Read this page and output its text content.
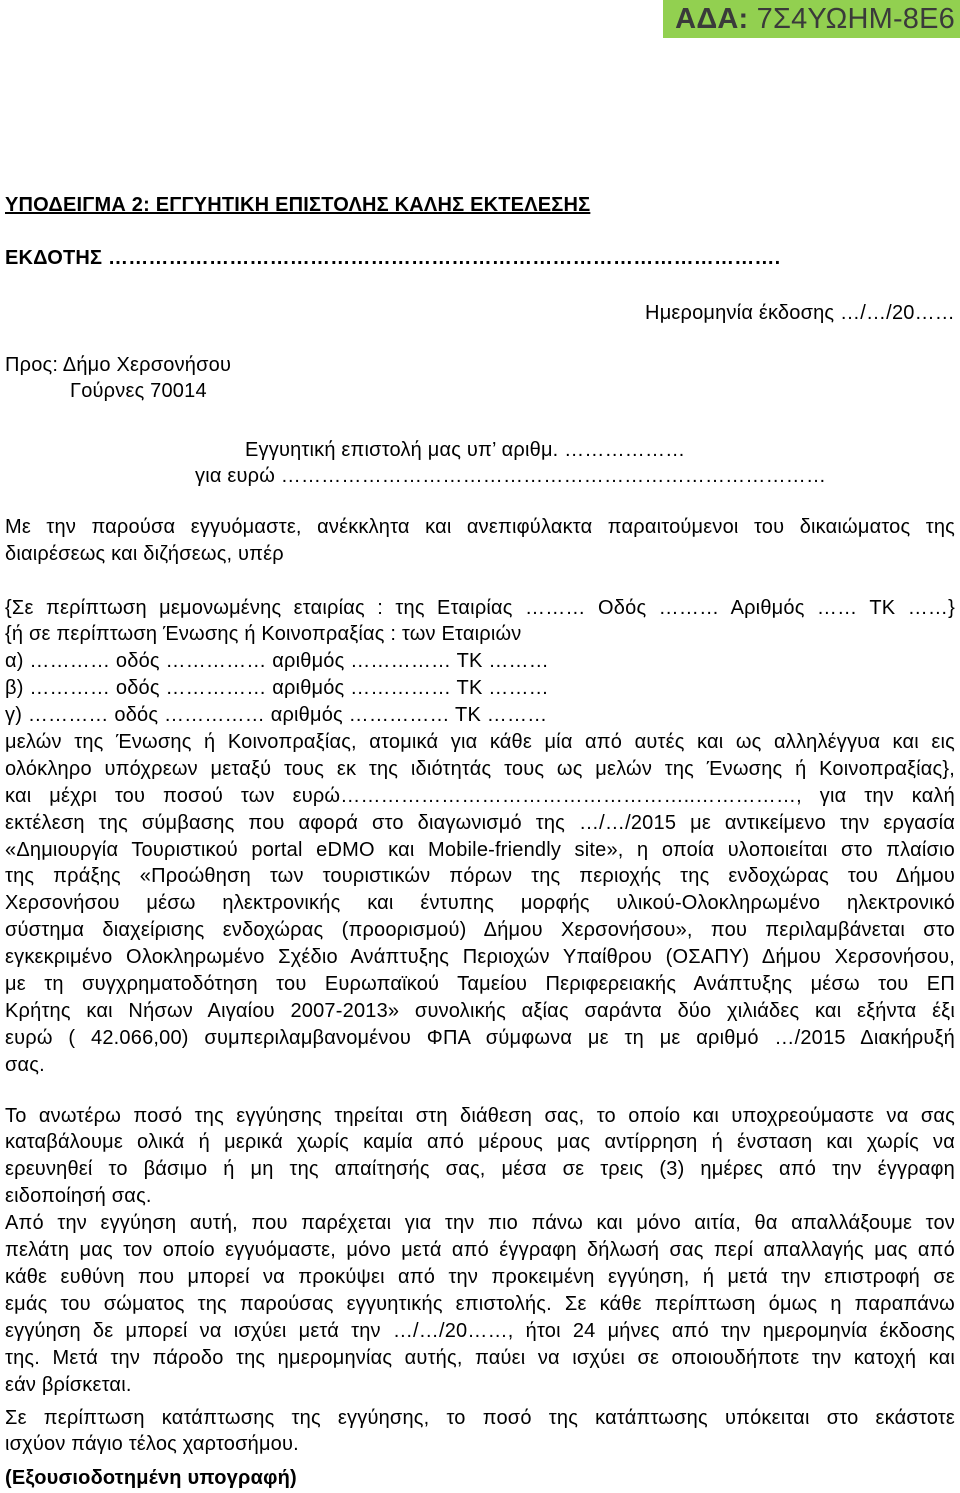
ΑΔΑ: 7Σ4ΥΩΗΜ-8Ε6
ΥΠΟΔΕΙΓΜΑ 2: ΕΓΓΥΗΤΙΚΗ ΕΠΙΣΤΟΛΗΣ ΚΑΛΗΣ ΕΚΤΕΛΕΣΗΣ
ΕΚΔΟΤΗΣ ……………………………………………………………………………………….
Ημερομηνία έκδοσης …/…/20……
Προς: Δήμο Χερσονήσου
Γούρνες 70014
Εγγυητική επιστολή μας υπ’ αριθμ. ………………
για ευρώ ………………………………………………………………………
Με την παρούσα εγγυόμαστε, ανέκκλητα και ανεπιφύλακτα παραιτούμενοι του δικαιώματος της
διαιρέσεως και διζήσεως, υπέρ
{Σε περίπτωση μεμονωμένης εταιρίας : της Εταιρίας ……… Οδός ……… Αριθμός …… ΤΚ ……}
{ή σε περίπτωση Ένωσης ή Κοινοπραξίας : των Εταιριών
α) ………… οδός …………… αριθμός …………… ΤΚ ………
β) ………… οδός …………… αριθμός …………… ΤΚ ………
γ) ………… οδός …………… αριθμός …………… ΤΚ ………
μελών της Ένωσης ή Κοινοπραξίας, ατομικά για κάθε μία από αυτές και ως αλληλέγγυα και εις
ολόκληρο υπόχρεων μεταξύ τους εκ της ιδιότητάς τους ως μελών της Ένωσης ή Κοινοπραξίας},
και μέχρι του ποσού των ευρώ……………………………………………..……………, για την καλή
εκτέλεση της σύμβασης που αφορά στο διαγωνισμό της …/…/2015 με αντικείμενο την εργασία
«Δημιουργία Τουριστικού portal eDMO και Mobile-friendly site», η οποία υλοποιείται στο πλαίσιο
της πράξης «Προώθηση των τουριστικών πόρων της περιοχής της ενδοχώρας του Δήμου
Χερσονήσου μέσω ηλεκτρονικής και έντυπης μορφής υλικού-Ολοκληρωμένο ηλεκτρονικό
σύστημα διαχείρισης ενδοχώρας (προορισμού) Δήμου Χερσονήσου», που περιλαμβάνεται στο
εγκεκριμένο Ολοκληρωμένο Σχέδιο Ανάπτυξης Περιοχών Υπαίθρου (ΟΣΑΠΥ) Δήμου Χερσονήσου,
με τη συγχρηματοδότηση του Ευρωπαϊκού Ταμείου Περιφερειακής Ανάπτυξης μέσω του ΕΠ
Κρήτης και Νήσων Αιγαίου 2007-2013» συνολικής αξίας σαράντα δύο χιλιάδες και εξήντα έξι
ευρώ ( 42.066,00) συμπεριλαμβανομένου ΦΠΑ σύμφωνα με τη με αριθμό …/2015 Διακήρυξή
σας.
Το ανωτέρω ποσό της εγγύησης τηρείται στη διάθεση σας, το οποίο και υποχρεούμαστε να σας
καταβάλουμε ολικά ή μερικά χωρίς καμία από μέρους μας αντίρρηση ή ένσταση και χωρίς να
ερευνηθεί το βάσιμο ή μη της απαίτησής σας, μέσα σε τρεις (3) ημέρες από την έγγραφη
ειδοποίησή σας.
Από την εγγύηση αυτή, που παρέχεται για την πιο πάνω και μόνο αιτία, θα απαλλάξουμε τον
πελάτη μας τον οποίο εγγυόμαστε, μόνο μετά από έγγραφη δήλωσή σας περί απαλλαγής μας από
κάθε ευθύνη που μπορεί να προκύψει από την προκειμένη εγγύηση, ή μετά την επιστροφή σε
εμάς του σώματος της παρούσας εγγυητικής επιστολής. Σε κάθε περίπτωση όμως η παραπάνω
εγγύηση δε μπορεί να ισχύει μετά την …/…/20……, ήτοι 24 μήνες από την ημερομηνία έκδοσης
της. Μετά την πάροδο της ημερομηνίας αυτής, παύει να ισχύει σε οποιουδήποτε την κατοχή και
εάν βρίσκεται.
Σε περίπτωση κατάπτωσης της εγγύησης, το ποσό της κατάπτωσης υπόκειται στο εκάστοτε
ισχύον πάγιο τέλος χαρτοσήμου.
(Εξουσιοδοτημένη υπογραφή)
